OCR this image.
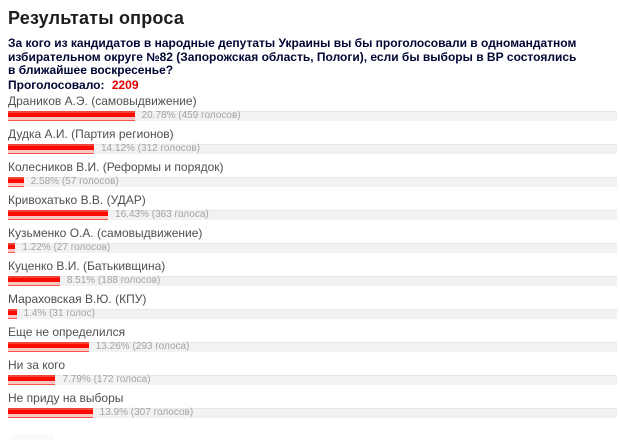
Результаты опроса
За кого из кандидатов в народные депутаты Украины вы бы проголосовали в одномандатном избирательном округе №82 (Запорожская область, Пологи), если бы выборы в ВР состоялись в ближайшее воскресенье?
Проголосовало: 2209
Драников А.Э. (самовыдвижение)
20.78% (459 голосов)
Дудка А.И. (Партия регионов)
14.12% (312 голосов)
Колесников В.И. (Реформы и порядок)
2.58% (57 голосов)
Кривохатько В.В. (УДАР)
16.43% (363 голоса)
Кузьменко О.А. (самовыдвижение)
1.22% (27 голосов)
Куценко В.И. (Батькивщина)
8.51% (188 голосов)
Мараховская В.Ю. (КПУ)
1.4% (31 голос)
Еще не определился
13.26% (293 голоса)
Ни за кого
7.79% (172 голоса)
Не приду на выборы
13.9% (307 голосов)
